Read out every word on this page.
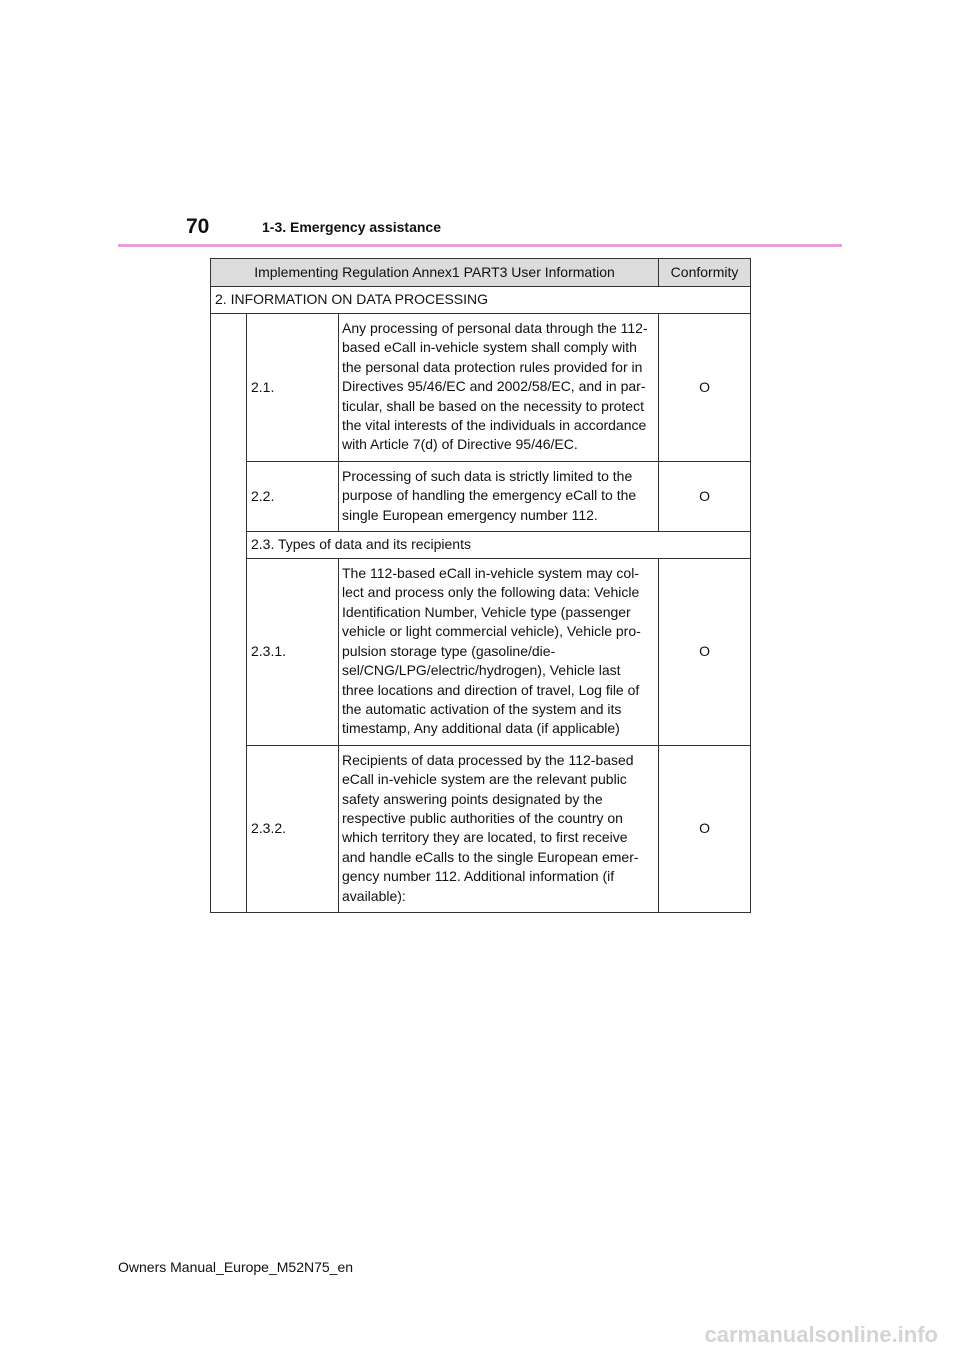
70	1-3. Emergency assistance
Implementing Regulation Annex1 PART3 User Information			Conformity
2. INFORMATION ON DATA PROCESSING			
	2.1.	Any processing of personal data through the 112-based eCall in-vehicle system shall comply with the personal data protection rules provided for in Directives 95/46/EC and 2002/58/EC, and in par-ticular, shall be based on the necessity to protect the vital interests of the individuals in accordance with Article 7(d) of Directive 95/46/EC.	O
	2.2.	Processing of such data is strictly limited to the purpose of handling the emergency eCall to the single European emergency number 112.	O
	2.3. Types of data and its recipients		
	2.3.1.	The 112-based eCall in-vehicle system may col-lect and process only the following data: Vehicle Identification Number, Vehicle type (passenger vehicle or light commercial vehicle), Vehicle pro-pulsion storage type (gasoline/die-sel/CNG/LPG/electric/hydrogen), Vehicle last three locations and direction of travel, Log file of the automatic activation of the system and its timestamp, Any additional data (if applicable)	O
	2.3.2.	Recipients of data processed by the 112-based eCall in-vehicle system are the relevant public safety answering points designated by the respective public authorities of the country on which territory they are located, to first receive and handle eCalls to the single European emer-gency number 112. Additional information (if available):	O
Owners Manual_Europe_M52N75_en
carmanualsonline.info
